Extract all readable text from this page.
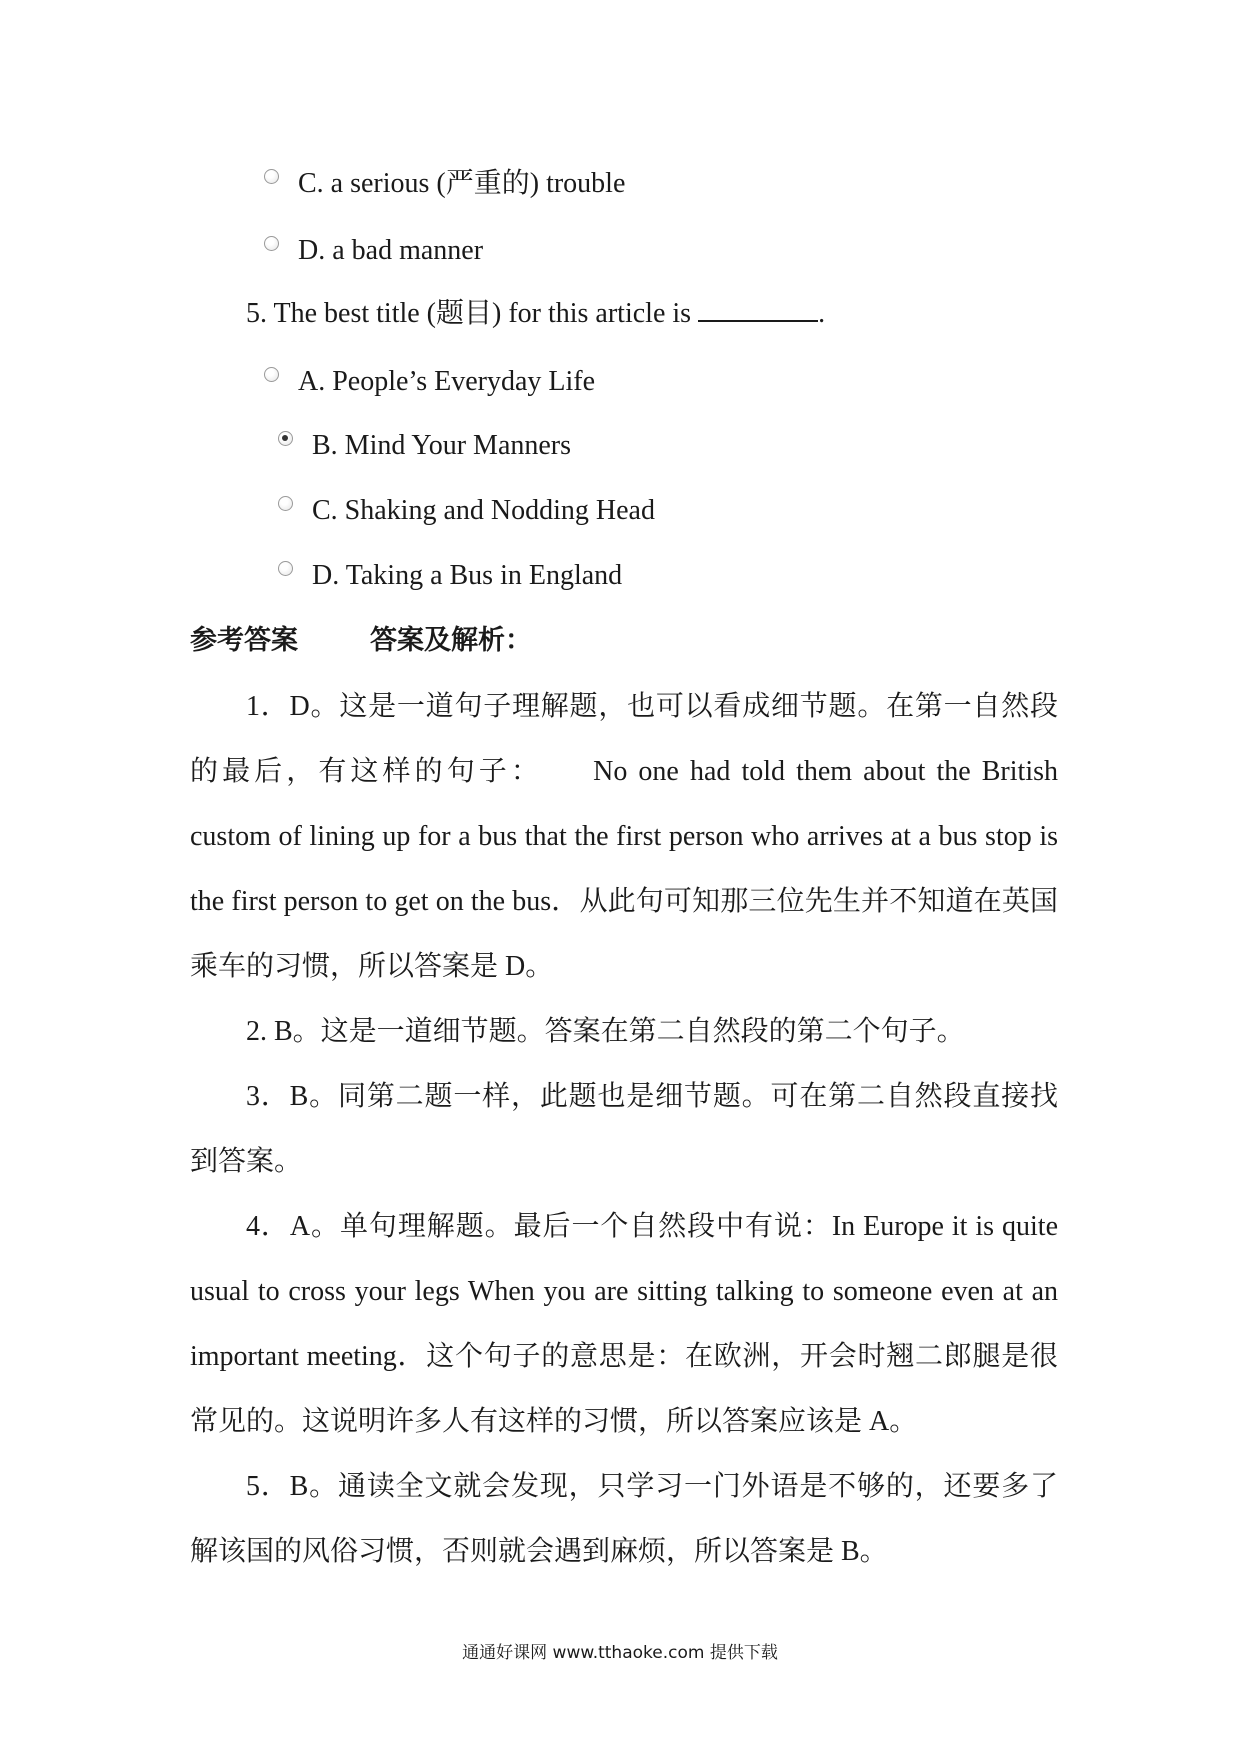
C. a serious (严重的) trouble
D. a bad manner
5. The best title (题目) for this article is	.
A. People’s Everyday Life
B. Mind Your Manners
C. Shaking and Nodding Head
D. Taking a Bus in England
参考答案	答案及解析：

1．D。这是一道句子理解题，也可以看成细节题。在第一自然段的最后，有这样的句子：　　No one had told them about the British custom of lining up for a bus that the first person who arrives at a bus stop is the first person to get on the bus．从此句可知那三位先生并不知道在英国乘车的习惯，所以答案是 D。

2. B。这是一道细节题。答案在第二自然段的第二个句子。

3．B。同第二题一样，此题也是细节题。可在第二自然段直接找到答案。

4．A。单句理解题。最后一个自然段中有说：In Europe it is quite usual to cross your legs When you are sitting talking to someone even at an important meeting．这个句子的意思是：在欧洲，开会时翘二郎腿是很常见的。这说明许多人有这样的习惯，所以答案应该是 A。

5．B。通读全文就会发现，只学习一门外语是不够的，还要多了解该国的风俗习惯，否则就会遇到麻烦，所以答案是 B。

通通好课网 www.tthaoke.com 提供下载
